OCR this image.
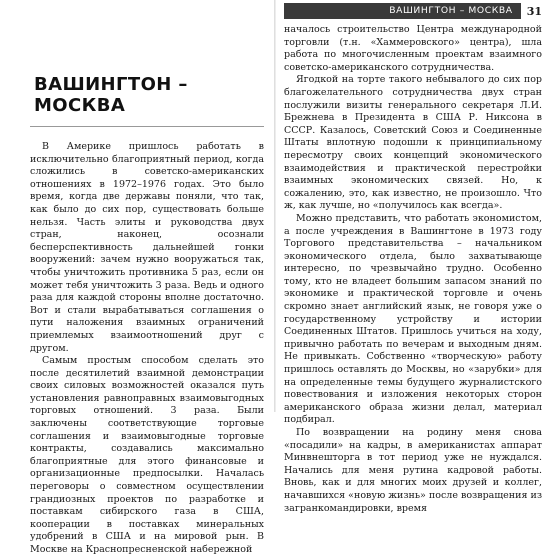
ВАШИНГТОН – МОСКВА

В Америке пришлось работать в исключительно благоприятный период, когда сложились в советско-американских отношениях в 1972–1976 годах. Это было время, когда две державы поняли, что так, как было до сих пор, существовать больше нельзя. Часть элиты и руководства двух стран, наконец, осознали бесперспективность дальнейшей гонки вооружений: зачем нужно вооружаться так, чтобы уничтожить противника 5 раз, если он может тебя уничтожить 3 раза. Ведь и одного раза для каждой стороны вполне достаточно. Вот и стали вырабатываться соглашения о пути наложения взаимных ограничений приемлемых взаимоотношений друг с другом.

Самым простым способом сделать это после десятилетий взаимной демонстрации своих силовых возможностей оказался путь установления равноправных взаимовыгодных торговых отношений. 3 раза. Были заключены соответствующие торговые соглашения и взаимовыгодные торговые контракты, создавались максимально благоприятные для этого финансовые и организационные предпосылки. Началась переговоры о совместном осуществлении грандиозных проектов по разработке и поставкам сибирского газа в США, кооперации в поставках минеральных удобрений в США и на мировой рын. В Москве на Краснопресненской набережной

ВАШИНГТОН – МОСКВА	31

началось строительство Центра международной торговли (т.н. «Хаммеровского» центра), шла работа по многочисленным проектам взаимного советско-американского сотрудничества.

Ягодкой на торте такого небывалого до сих пор благожелательного сотрудничества двух стран послужили визиты генерального секретаря Л.И. Брежнева в Президента в США Р. Никсона в СССР. Казалось, Советский Союз и Соединенные Штаты вплотную подошли к принципиальному пересмотру своих концепций экономического взаимодействия и практической перестройки взаимных экономических связей. Но, к сожалению, это, как известно, не произошло. Что ж, как лучше, но «получилось как всегда».

Можно представить, что работать экономистом, а после учреждения в Вашингтоне в 1973 году Торгового представительства – начальником экономического отдела, было захватывающе интересно, по чрезвычайно трудно. Особенно тому, кто не владеет большим запасом знаний по экономике и практической торговле и очень скромно знает английский язык, не говоря уже о государственному устройству и истории Соединенных Штатов. Пришлось учиться на ходу, привычно работать по вечерам и выходным дням. Не привыкать. Собственно «творческую» работу пришлось оставлять до Москвы, но «зарубки» для на определенные темы будущего журналистского повествования и изложения некоторых сторон американского образа жизни делал, материал подбирал.

По возвращении на родину меня снова «посадили» на кадры, в американистах аппарат Минвнешторга в тот период уже не нуждался. Начались для меня рутина кадровой работы. Вновь, как и для многих моих друзей и коллег, начавшихся «новую жизнь» после возвращения из загранкомандировки, время
